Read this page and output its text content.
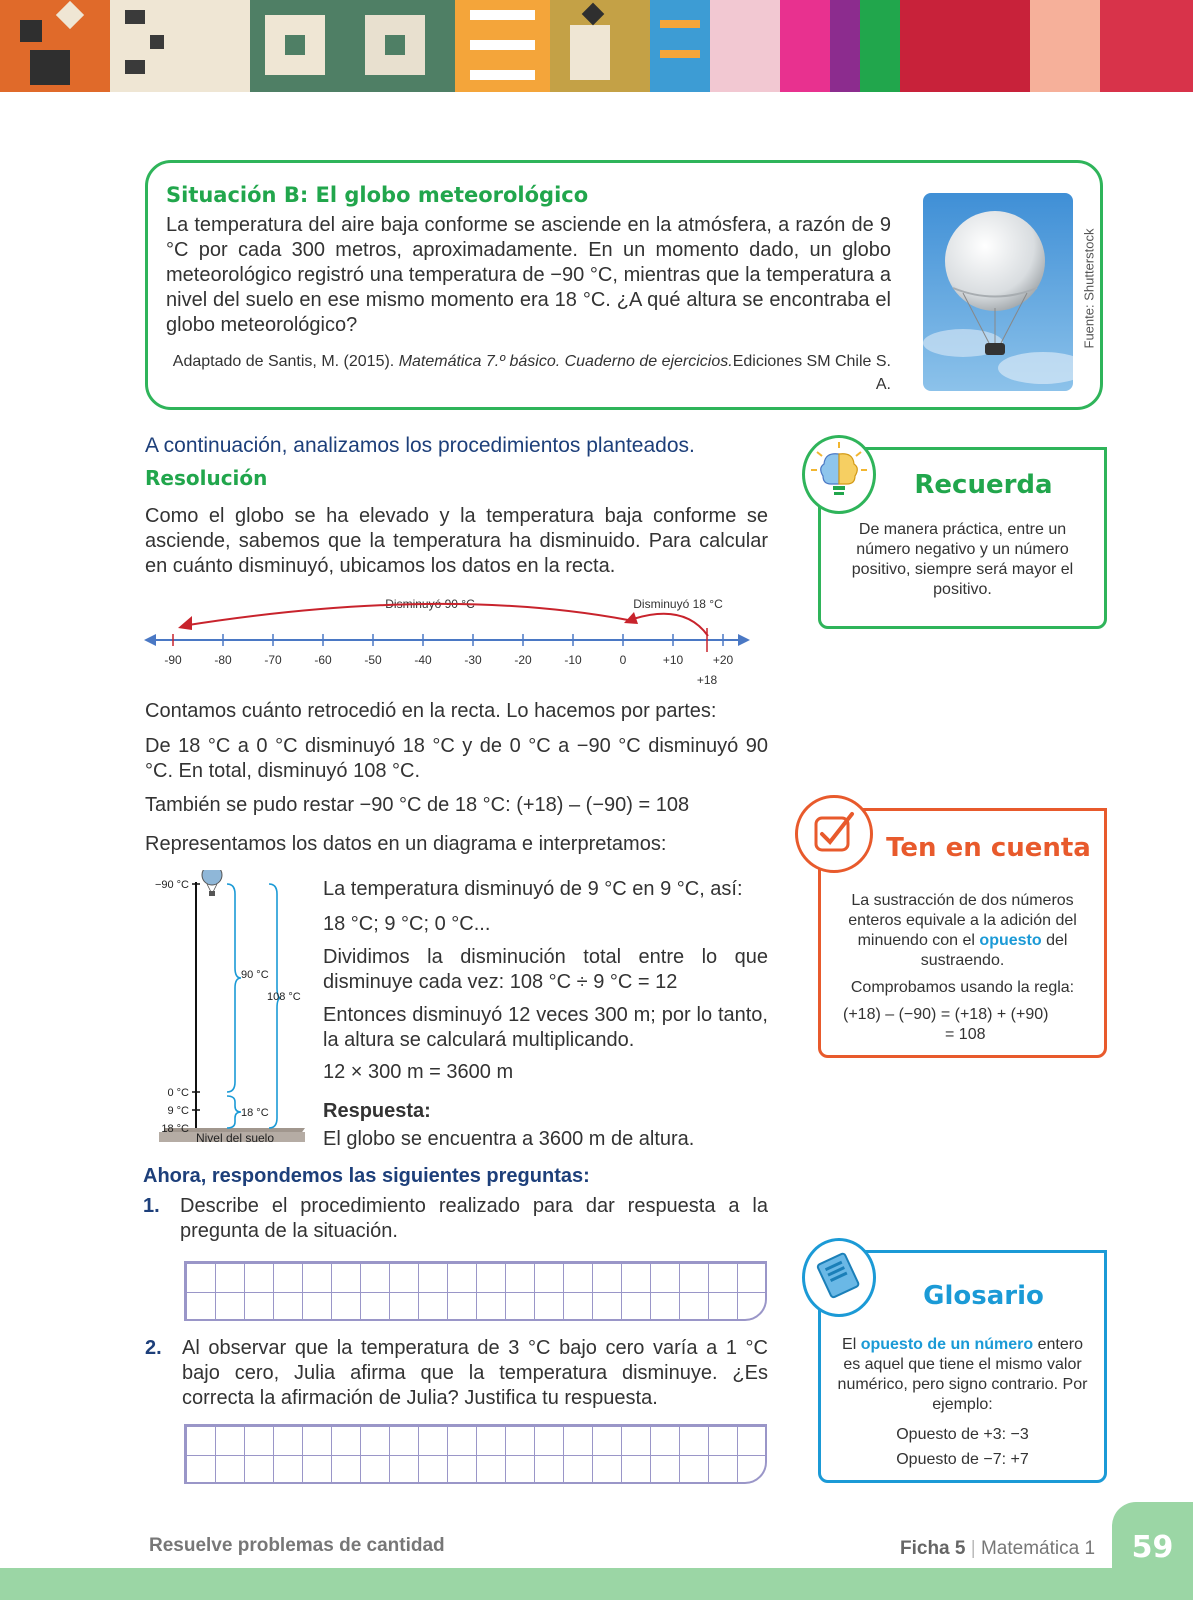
Situación B: El globo meteorológico
La temperatura del aire baja conforme se asciende en la atmósfera, a razón de 9 °C por cada 300 metros, aproximadamente. En un momento dado, un globo meteorológico registró una temperatura de −90 °C, mientras que la temperatura a nivel del suelo en ese mismo momento era 18 °C. ¿A qué altura se encontraba el globo meteorológico?
Adaptado de Santis, M. (2015). Matemática 7.º básico. Cuaderno de ejercicios.Ediciones SM Chile S. A.
Fuente: Shutterstock
A continuación, analizamos los procedimientos planteados.
Resolución
Como el globo se ha elevado y la temperatura baja conforme se asciende, sabemos que la temperatura ha disminuido. Para calcular en cuánto disminuyó, ubicamos los datos en la recta.
Disminuyó 90 °C	Disminuyó 18 °C
-90	-80	-70	-60	-50	-40	-30	-20	-10	0	+10 +20
+18
Contamos cuánto retrocedió en la recta. Lo hacemos por partes:
De 18 °C a 0 °C disminuyó 18 °C y de 0 °C a −90 °C disminuyó 90 °C. En total, disminuyó 108 °C.
También se pudo restar −90 °C de 18 °C: (+18) – (−90) = 108
Representamos los datos en un diagrama e interpretamos:
Nivel del suelo
−90 °C
0 °C
9 °C
18 °C
90 °C
18 °C
108 °C
La temperatura disminuyó de 9 °C en 9 °C, así:
18 °C; 9 °C; 0 °C...
Dividimos la disminución total entre lo que disminuye cada vez: 108 °C ÷ 9 °C = 12
Entonces disminuyó 12 veces 300 m; por lo tanto, la altura se calculará multiplicando.
12 × 300 m = 3600 m
Respuesta:
El globo se encuentra a 3600 m de altura.
Ahora, respondemos las siguientes preguntas:
1. Describe el procedimiento realizado para dar respuesta a la pregunta de la situación.
2. Al observar que la temperatura de 3 °C bajo cero varía a 1 °C bajo cero, Julia afirma que la temperatura disminuye. ¿Es correcta la afirmación de Julia? Justifica tu respuesta.
Recuerda
De manera práctica, entre un número negativo y un número positivo, siempre será mayor el positivo.
Ten en cuenta
La sustracción de dos números enteros equivale a la adición del minuendo con el opuesto del sustraendo.
Comprobamos usando la regla:
(+18) – (−90) = (+18) + (+90)
= 108
Glosario
El opuesto de un número entero es aquel que tiene el mismo valor numérico, pero signo contrario. Por ejemplo:
Opuesto de +3: −3
Opuesto de −7: +7
59
Resuelve problemas de cantidad	Ficha 5 | Matemática 1
